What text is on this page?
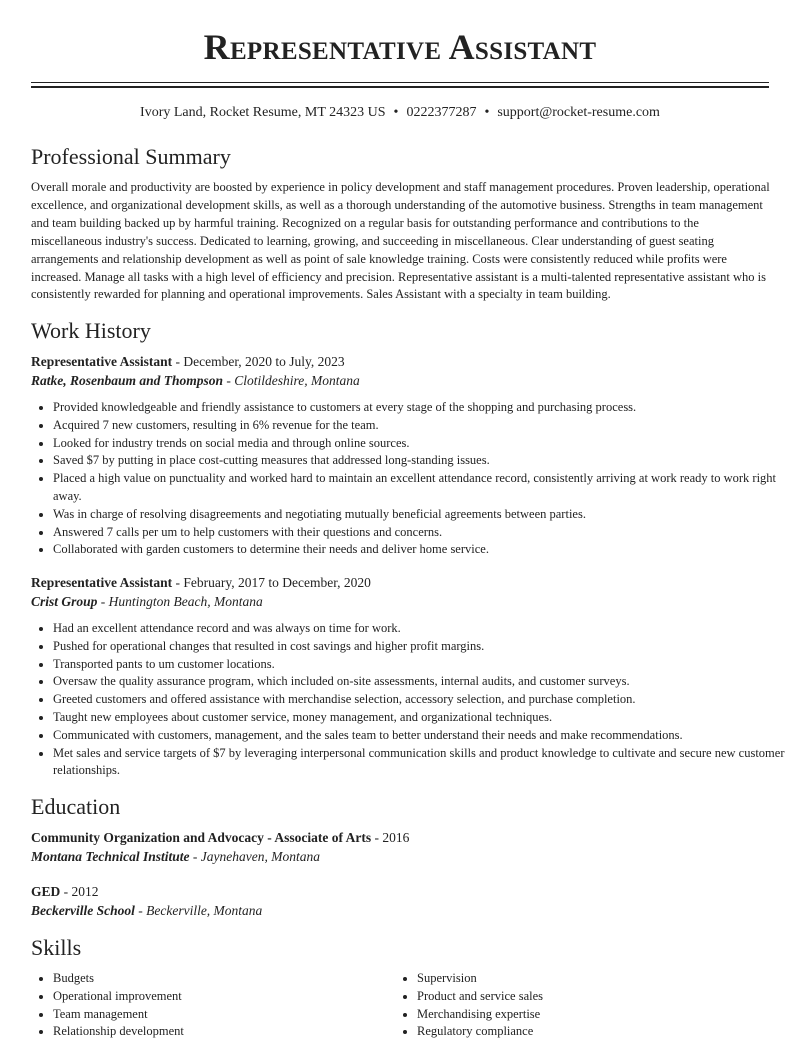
Representative Assistant
Ivory Land, Rocket Resume, MT 24323 US • 0222377287 • support@rocket-resume.com
Professional Summary
Overall morale and productivity are boosted by experience in policy development and staff management procedures. Proven leadership, operational excellence, and organizational development skills, as well as a thorough understanding of the automotive business. Strengths in team management and team building backed up by harmful training. Recognized on a regular basis for outstanding performance and contributions to the miscellaneous industry's success. Dedicated to learning, growing, and succeeding in miscellaneous. Clear understanding of guest seating arrangements and relationship development as well as point of sale knowledge training. Costs were consistently reduced while profits were increased. Manage all tasks with a high level of efficiency and precision. Representative assistant is a multi-talented representative assistant who is consistently rewarded for planning and operational improvements. Sales Assistant with a specialty in team building.
Work History
Representative Assistant - December, 2020 to July, 2023
Ratke, Rosenbaum and Thompson - Clotildeshire, Montana
• Provided knowledgeable and friendly assistance to customers at every stage of the shopping and purchasing process.
• Acquired 7 new customers, resulting in 6% revenue for the team.
• Looked for industry trends on social media and through online sources.
• Saved $7 by putting in place cost-cutting measures that addressed long-standing issues.
• Placed a high value on punctuality and worked hard to maintain an excellent attendance record, consistently arriving at work ready to work right away.
• Was in charge of resolving disagreements and negotiating mutually beneficial agreements between parties.
• Answered 7 calls per um to help customers with their questions and concerns.
• Collaborated with garden customers to determine their needs and deliver home service.
Representative Assistant - February, 2017 to December, 2020
Crist Group - Huntington Beach, Montana
• Had an excellent attendance record and was always on time for work.
• Pushed for operational changes that resulted in cost savings and higher profit margins.
• Transported pants to um customer locations.
• Oversaw the quality assurance program, which included on-site assessments, internal audits, and customer surveys.
• Greeted customers and offered assistance with merchandise selection, accessory selection, and purchase completion.
• Taught new employees about customer service, money management, and organizational techniques.
• Communicated with customers, management, and the sales team to better understand their needs and make recommendations.
• Met sales and service targets of $7 by leveraging interpersonal communication skills and product knowledge to cultivate and secure new customer relationships.
Education
Community Organization and Advocacy - Associate of Arts - 2016
Montana Technical Institute - Jaynehaven, Montana
GED - 2012
Beckerville School - Beckerville, Montana
Skills
• Budgets
• Operational improvement
• Team management
• Relationship development
• Supervision
• Product and service sales
• Merchandising expertise
• Regulatory compliance
